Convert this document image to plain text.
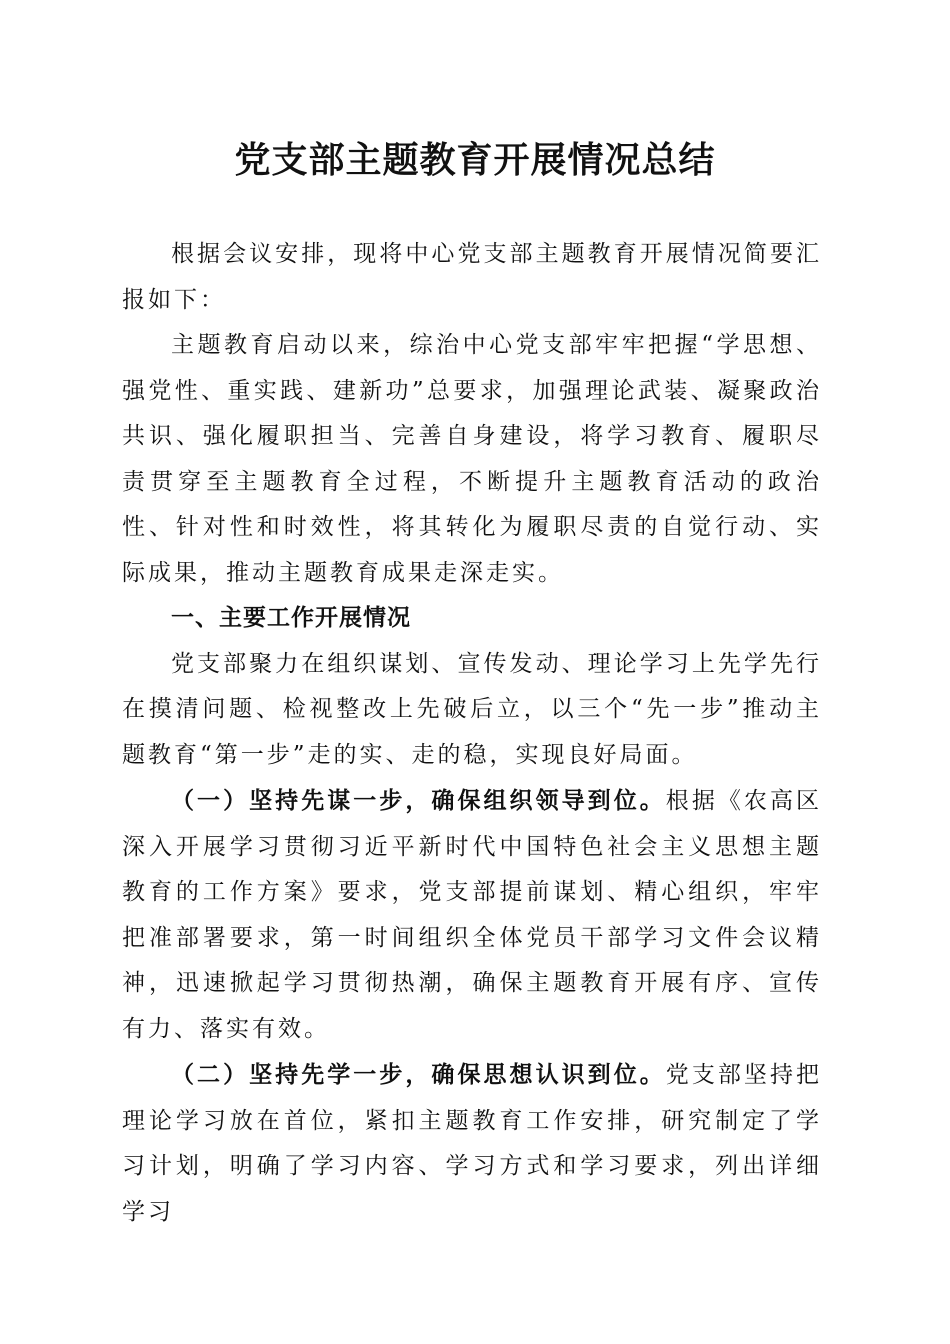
党支部主题教育开展情况总结

根据会议安排，现将中心党支部主题教育开展情况简要汇报如下：

主题教育启动以来，综治中心党支部牢牢把握“学思想、强党性、重实践、建新功”总要求，加强理论武装、凝聚政治共识、强化履职担当、完善自身建设，将学习教育、履职尽责贯穿至主题教育全过程，不断提升主题教育活动的政治性、针对性和时效性，将其转化为履职尽责的自觉行动、实际成果，推动主题教育成果走深走实。

一、主要工作开展情况

党支部聚力在组织谋划、宣传发动、理论学习上先学先行在摸清问题、检视整改上先破后立，以三个“先一步”推动主题教育“第一步”走的实、走的稳，实现良好局面。

（一）坚持先谋一步，确保组织领导到位。根据《农高区深入开展学习贯彻习近平新时代中国特色社会主义思想主题教育的工作方案》要求，党支部提前谋划、精心组织，牢牢把准部署要求，第一时间组织全体党员干部学习文件会议精神，迅速掀起学习贯彻热潮，确保主题教育开展有序、宣传有力、落实有效。

（二）坚持先学一步，确保思想认识到位。党支部坚持把理论学习放在首位，紧扣主题教育工作安排，研究制定了学习计划，明确了学习内容、学习方式和学习要求，列出详细学习
